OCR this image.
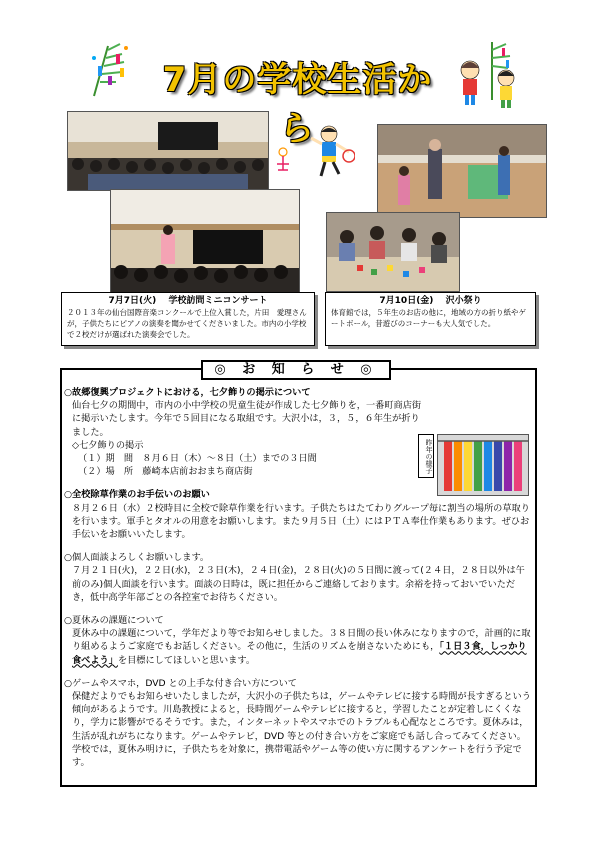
7月の学校生活から
7月7日(火)　 学校訪問ミニコンサート
２０１３年の仙台国際音楽コンクールで上位入賞した，片田　愛理さんが，子供たちにピアノの演奏を聞かせてくださいました。市内の小学校で２校だけが選ばれた演奏会でした。
7月10日(金)　 沢小祭り
体育館では，５年生のお店の他に，地域の方の折り紙やゲートボール，昔遊びのコーナーも大人気でした。
◎ お 知 ら せ ◎
○故郷復興プロジェクトにおける，七夕飾りの掲示について
仙台七夕の期間中，市内の小中学校の児童生徒が作成した七夕飾りを，一番町商店街に掲示いたします。今年で５回目になる取組です。大沢小は，３，５，６年生が折りました。
◇七夕飾りの掲示
（１）期　間　８月６日（木）～８日（土）までの３日間
（２）場　所　藤崎本店前おおまち商店街
○全校除草作業のお手伝いのお願い
８月２６日（水）２校時目に全校で除草作業を行います。子供たちはたてわりグループ毎に割当の場所の草取りを行います。軍手とタオルの用意をお願いします。また９月５日（土）にはＰＴＡ奉仕作業もあります。ぜひお手伝いをお願いいたします。
○個人面談よろしくお願いします。
７月２１日(火)，２２日(水)，２３日(木)，２４日(金)，２８日(火)の５日間に渡って(２４日，２８日以外は午前のみ)個人面談を行います。面談の日時は，既に担任からご連絡しております。余裕を持っておいでいただき，低中高学年部ごとの各控室でお待ちください。
○夏休みの課題について
夏休み中の課題について，学年だより等でお知らせしました。３８日間の長い休みになりますので，計画的に取り組めるようご家庭でもお話しください。その他に，生活のリズムを崩さないためにも，「１日３食，しっかり食べよう」を目標にしてほしいと思います。
○ゲームやスマホ，DVD との上手な付き合い方について
保健だよりでもお知らせいたしましたが，大沢小の子供たちは，ゲームやテレビに接する時間が長すぎるという傾向があるようです。川島教授によると，長時間ゲームやテレビに接すると，学習したことが定着しにくくなり，学力に影響がでるそうです。また，インターネットやスマホでのトラブルも心配なところです。夏休みは，生活が乱れがちになります。ゲームやテレビ，DVD 等との付き合い方をご家庭でも話し合ってみてください。学校では，夏休み明けに，子供たちを対象に，携帯電話やゲーム等の使い方に関するアンケートを行う予定です。
昨年の様子
